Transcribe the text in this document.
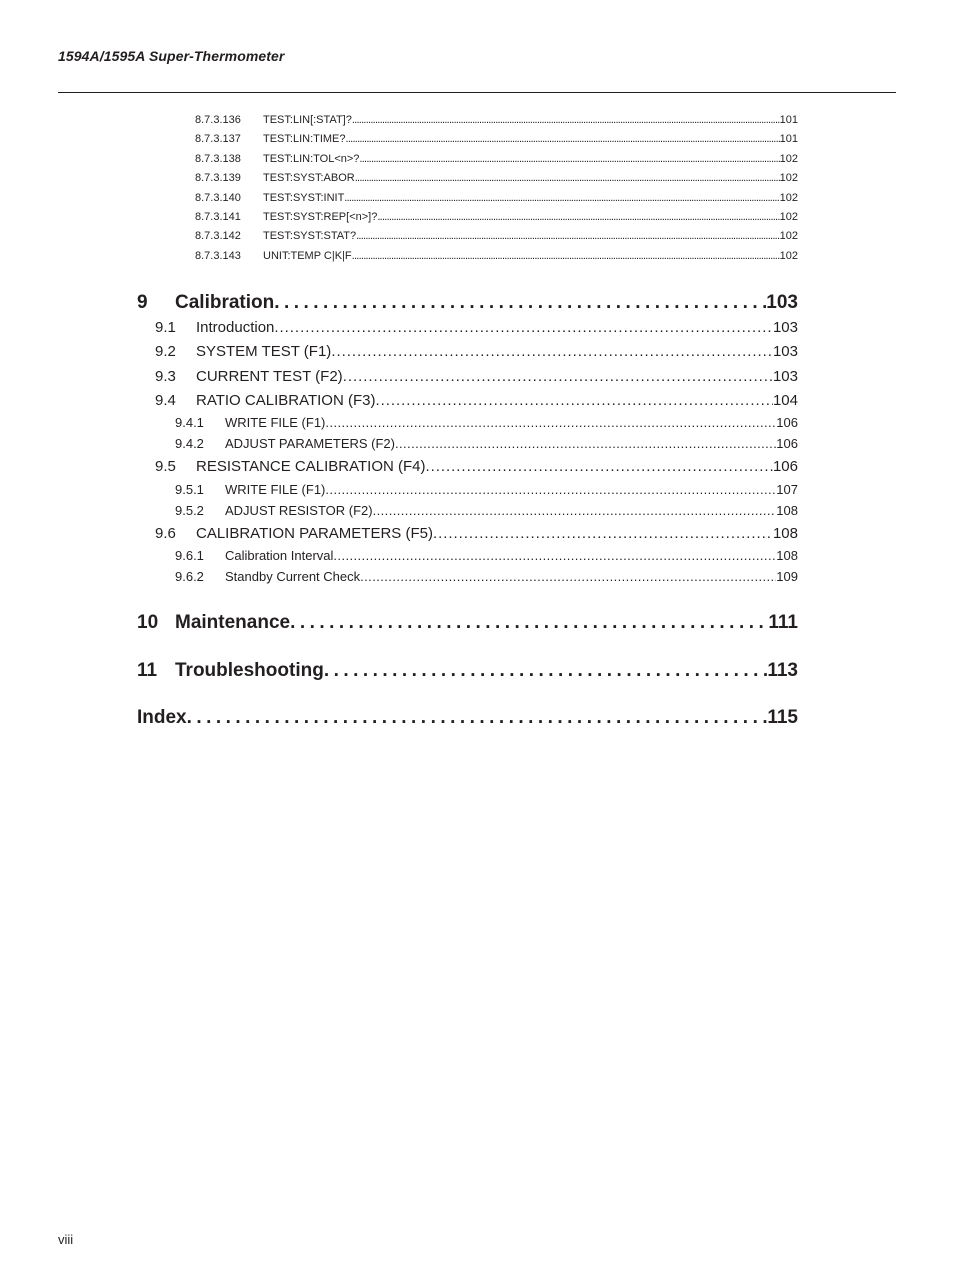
1594A/1595A Super-Thermometer
8.7.3.136	TEST:LIN[:STAT]? . . .	101
8.7.3.137	TEST:LIN:TIME? . . .	101
8.7.3.138	TEST:LIN:TOL<n>? . . .	102
8.7.3.139	TEST:SYST:ABOR . . .	102
8.7.3.140	TEST:SYST:INIT . . .	102
8.7.3.141	TEST:SYST:REP[<n>]? . . .	102
8.7.3.142	TEST:SYST:STAT? . . .	102
8.7.3.143	UNIT:TEMP C|K|F . . .	102
9	Calibration . . .	103
9.1	Introduction . . .	103
9.2	SYSTEM TEST (F1) . . .	103
9.3	CURRENT TEST (F2) . . .	103
9.4	RATIO CALIBRATION (F3) . . .	104
9.4.1	WRITE FILE (F1) . . .	106
9.4.2	ADJUST PARAMETERS (F2) . . .	106
9.5	RESISTANCE CALIBRATION (F4) . . .	106
9.5.1	WRITE FILE (F1) . . .	107
9.5.2	ADJUST RESISTOR (F2) . . .	108
9.6	CALIBRATION PARAMETERS (F5) . . .	108
9.6.1	Calibration Interval . . .	108
9.6.2	Standby Current Check . . .	109
10 Maintenance . . .	111
11 Troubleshooting . . .	113
Index . . .	115
viii
